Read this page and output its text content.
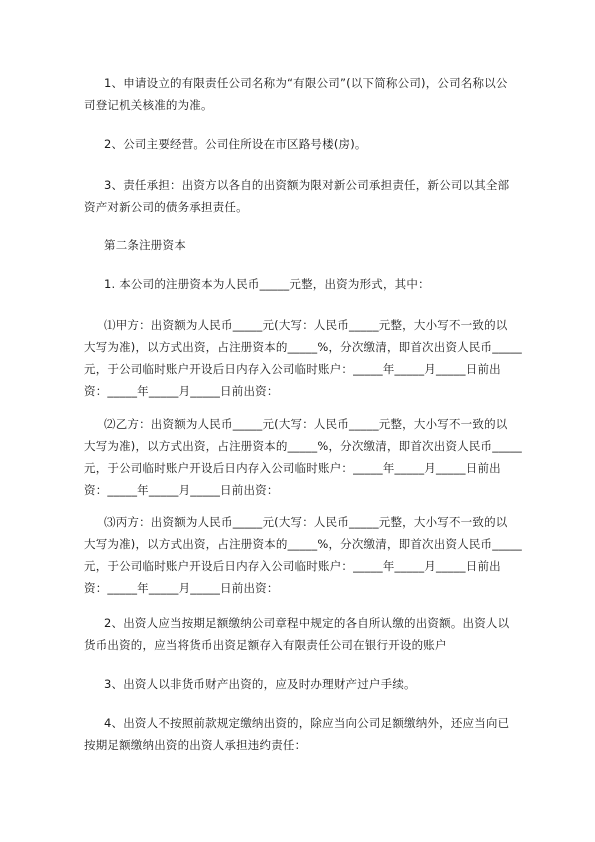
1、申请设立的有限责任公司名称为“有限公司”(以下简称公司)，公司名称以公
司登记机关核准的为准。
2、公司主要经营。公司住所设在市区路号楼(房)。
3、责任承担：出资方以各自的出资额为限对新公司承担责任，新公司以其全部
资产对新公司的债务承担责任。
第二条注册资本
1. 本公司的注册资本为人民币_____元整，出资为形式，其中：
⑴甲方：出资额为人民币_____元(大写：人民币_____元整，大小写不一致的以
大写为准)，以方式出资，占注册资本的_____%，分次缴清，即首次出资人民币_____
元，于公司临时账户开设后日内存入公司临时账户：_____年_____月_____日前出
资：_____年_____月_____日前出资：
⑵乙方：出资额为人民币_____元(大写：人民币_____元整，大小写不一致的以
大写为准)，以方式出资，占注册资本的_____%，分次缴清，即首次出资人民币_____
元，于公司临时账户开设后日内存入公司临时账户：_____年_____月_____日前出
资：_____年_____月_____日前出资：
⑶丙方：出资额为人民币_____元(大写：人民币_____元整，大小写不一致的以
大写为准)，以方式出资，占注册资本的_____%，分次缴清，即首次出资人民币_____
元，于公司临时账户开设后日内存入公司临时账户：_____年_____月_____日前出
资：_____年_____月_____日前出资：
2、出资人应当按期足额缴纳公司章程中规定的各自所认缴的出资额。出资人以
货币出资的，应当将货币出资足额存入有限责任公司在银行开设的账户
3、出资人以非货币财产出资的，应及时办理财产过户手续。
4、出资人不按照前款规定缴纳出资的，除应当向公司足额缴纳外，还应当向已
按期足额缴纳出资的出资人承担违约责任：
